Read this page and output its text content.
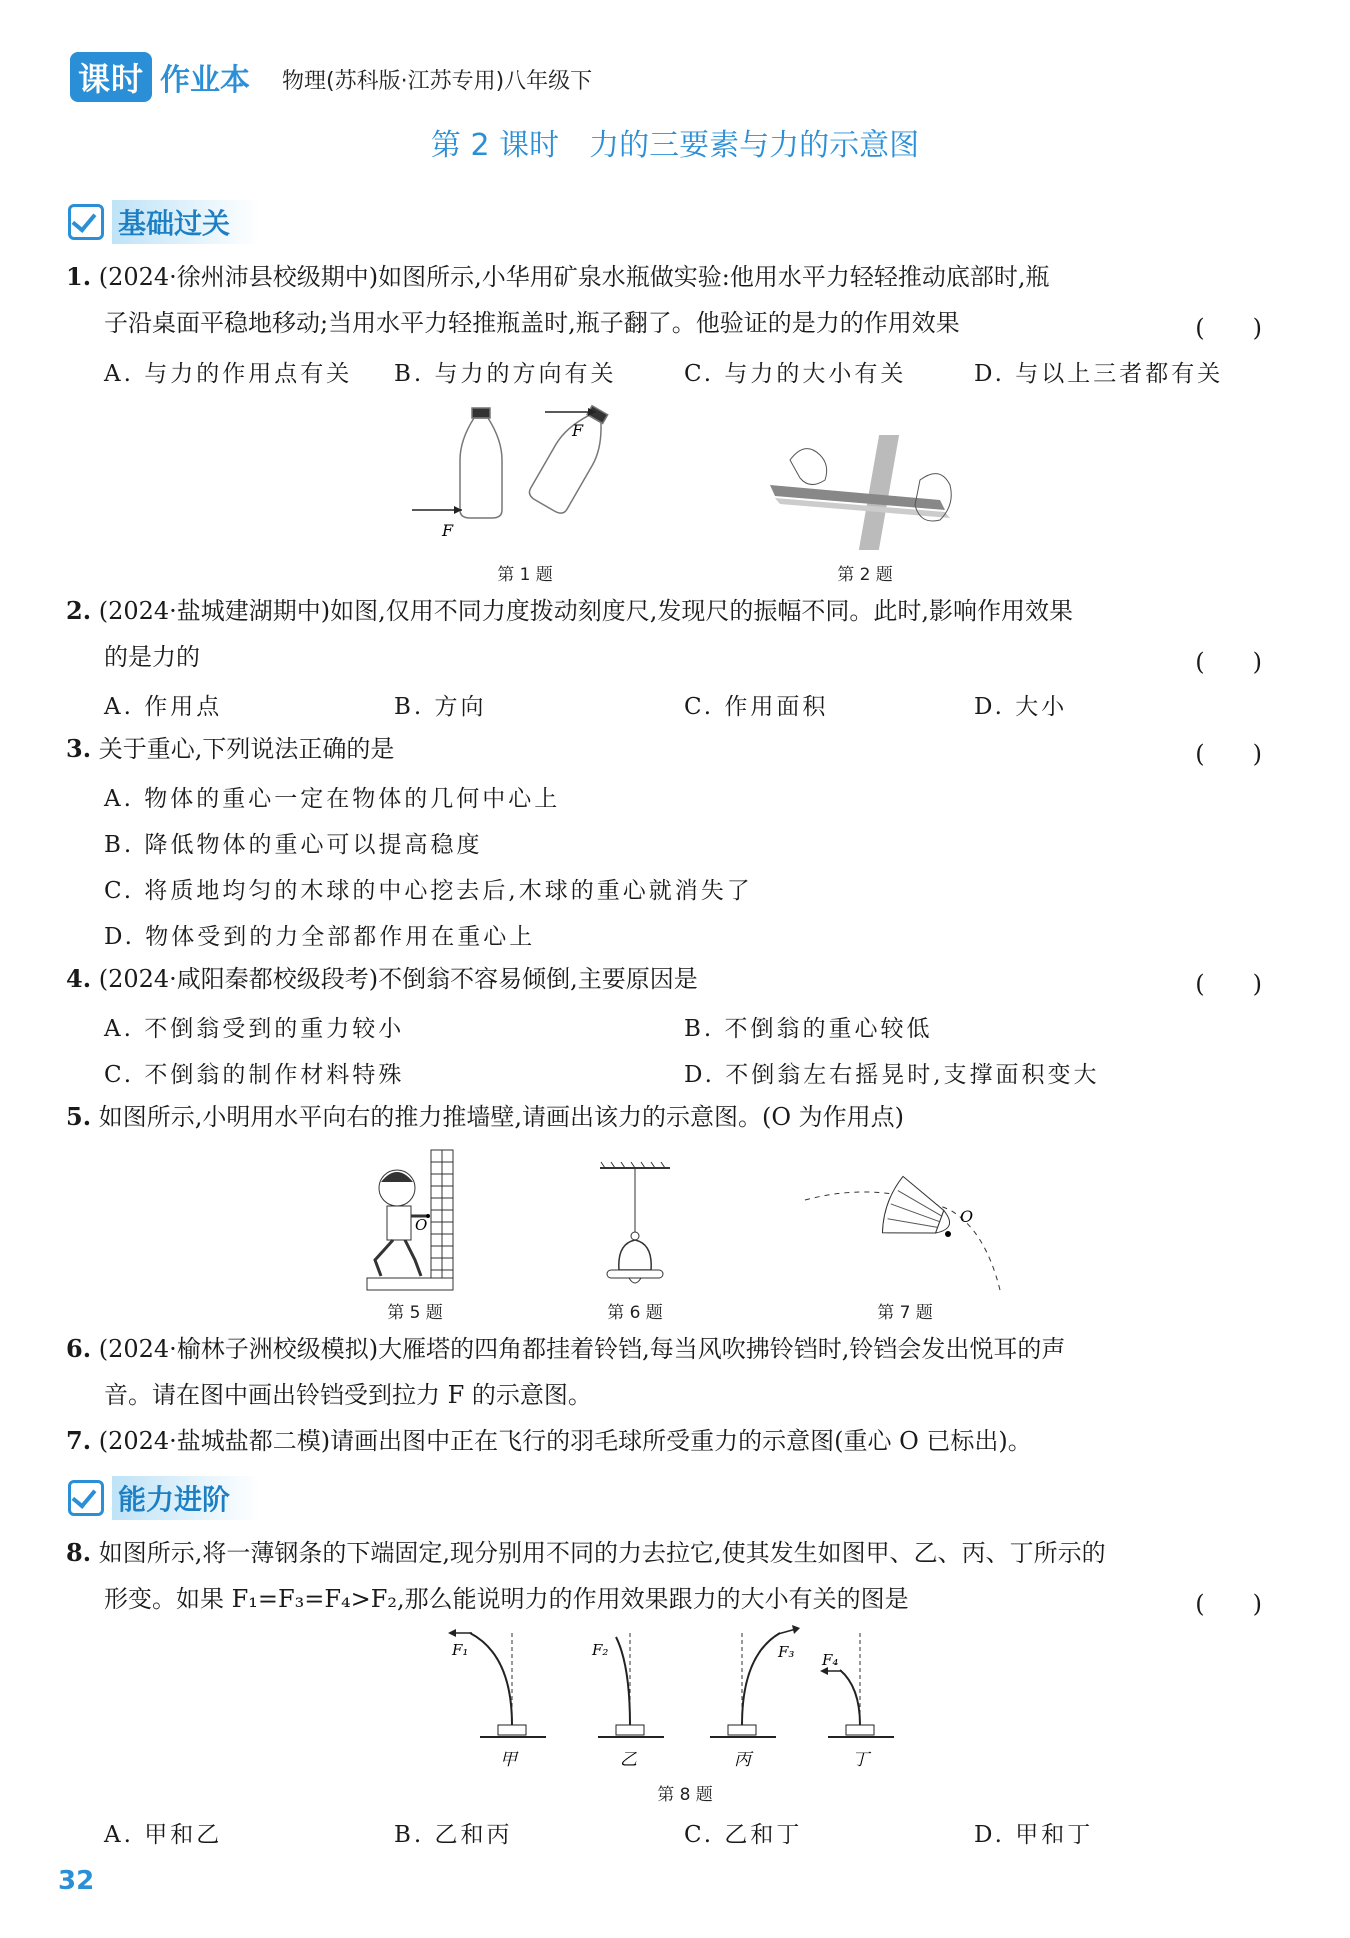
课时 作业本 物理(苏科版·江苏专用)八年级下
第 2 课时　力的三要素与力的示意图
基础过关
1. (2024·徐州沛县校级期中)如图所示,小华用矿泉水瓶做实验:他用水平力轻轻推动底部时,瓶
子沿桌面平稳地移动;当用水平力轻推瓶盖时,瓶子翻了。他验证的是力的作用效果	(　　)
A. 与力的作用点有关 B. 与力的方向有关	C. 与力的大小有关	D. 与以上三者都有关
F
F
第 1 题	第 2 题
2. (2024·盐城建湖期中)如图,仅用不同力度拨动刻度尺,发现尺的振幅不同。此时,影响作用效果
的是力的	(　　)
A. 作用点	B. 方向	C. 作用面积	D. 大小
3. 关于重心,下列说法正确的是	(　　)
A. 物体的重心一定在物体的几何中心上
B. 降低物体的重心可以提高稳度
C. 将质地均匀的木球的中心挖去后,木球的重心就消失了
D. 物体受到的力全部都作用在重心上
4. (2024·咸阳秦都校级段考)不倒翁不容易倾倒,主要原因是	(　　)
A. 不倒翁受到的重力较小	B. 不倒翁的重心较低
C. 不倒翁的制作材料特殊	D. 不倒翁左右摇晃时,支撑面积变大
5. 如图所示,小明用水平向右的推力推墙壁,请画出该力的示意图。(O 为作用点)
O
第 5 题	第 6 题
O
第 7 题
6. (2024·榆林子洲校级模拟)大雁塔的四角都挂着铃铛,每当风吹拂铃铛时,铃铛会发出悦耳的声
音。请在图中画出铃铛受到拉力 F 的示意图。
7. (2024·盐城盐都二模)请画出图中正在飞行的羽毛球所受重力的示意图(重心 O 已标出)。
能力进阶
8. 如图所示,将一薄钢条的下端固定,现分别用不同的力去拉它,使其发生如图甲、乙、丙、丁所示的
形变。如果 F₁=F₃=F₄>F₂,那么能说明力的作用效果跟力的大小有关的图是	(　　)
F₁
甲
F₂
乙
F₃
丙
F₄
丁
第 8 题
A. 甲和乙	B. 乙和丙	C. 乙和丁	D. 甲和丁
32
